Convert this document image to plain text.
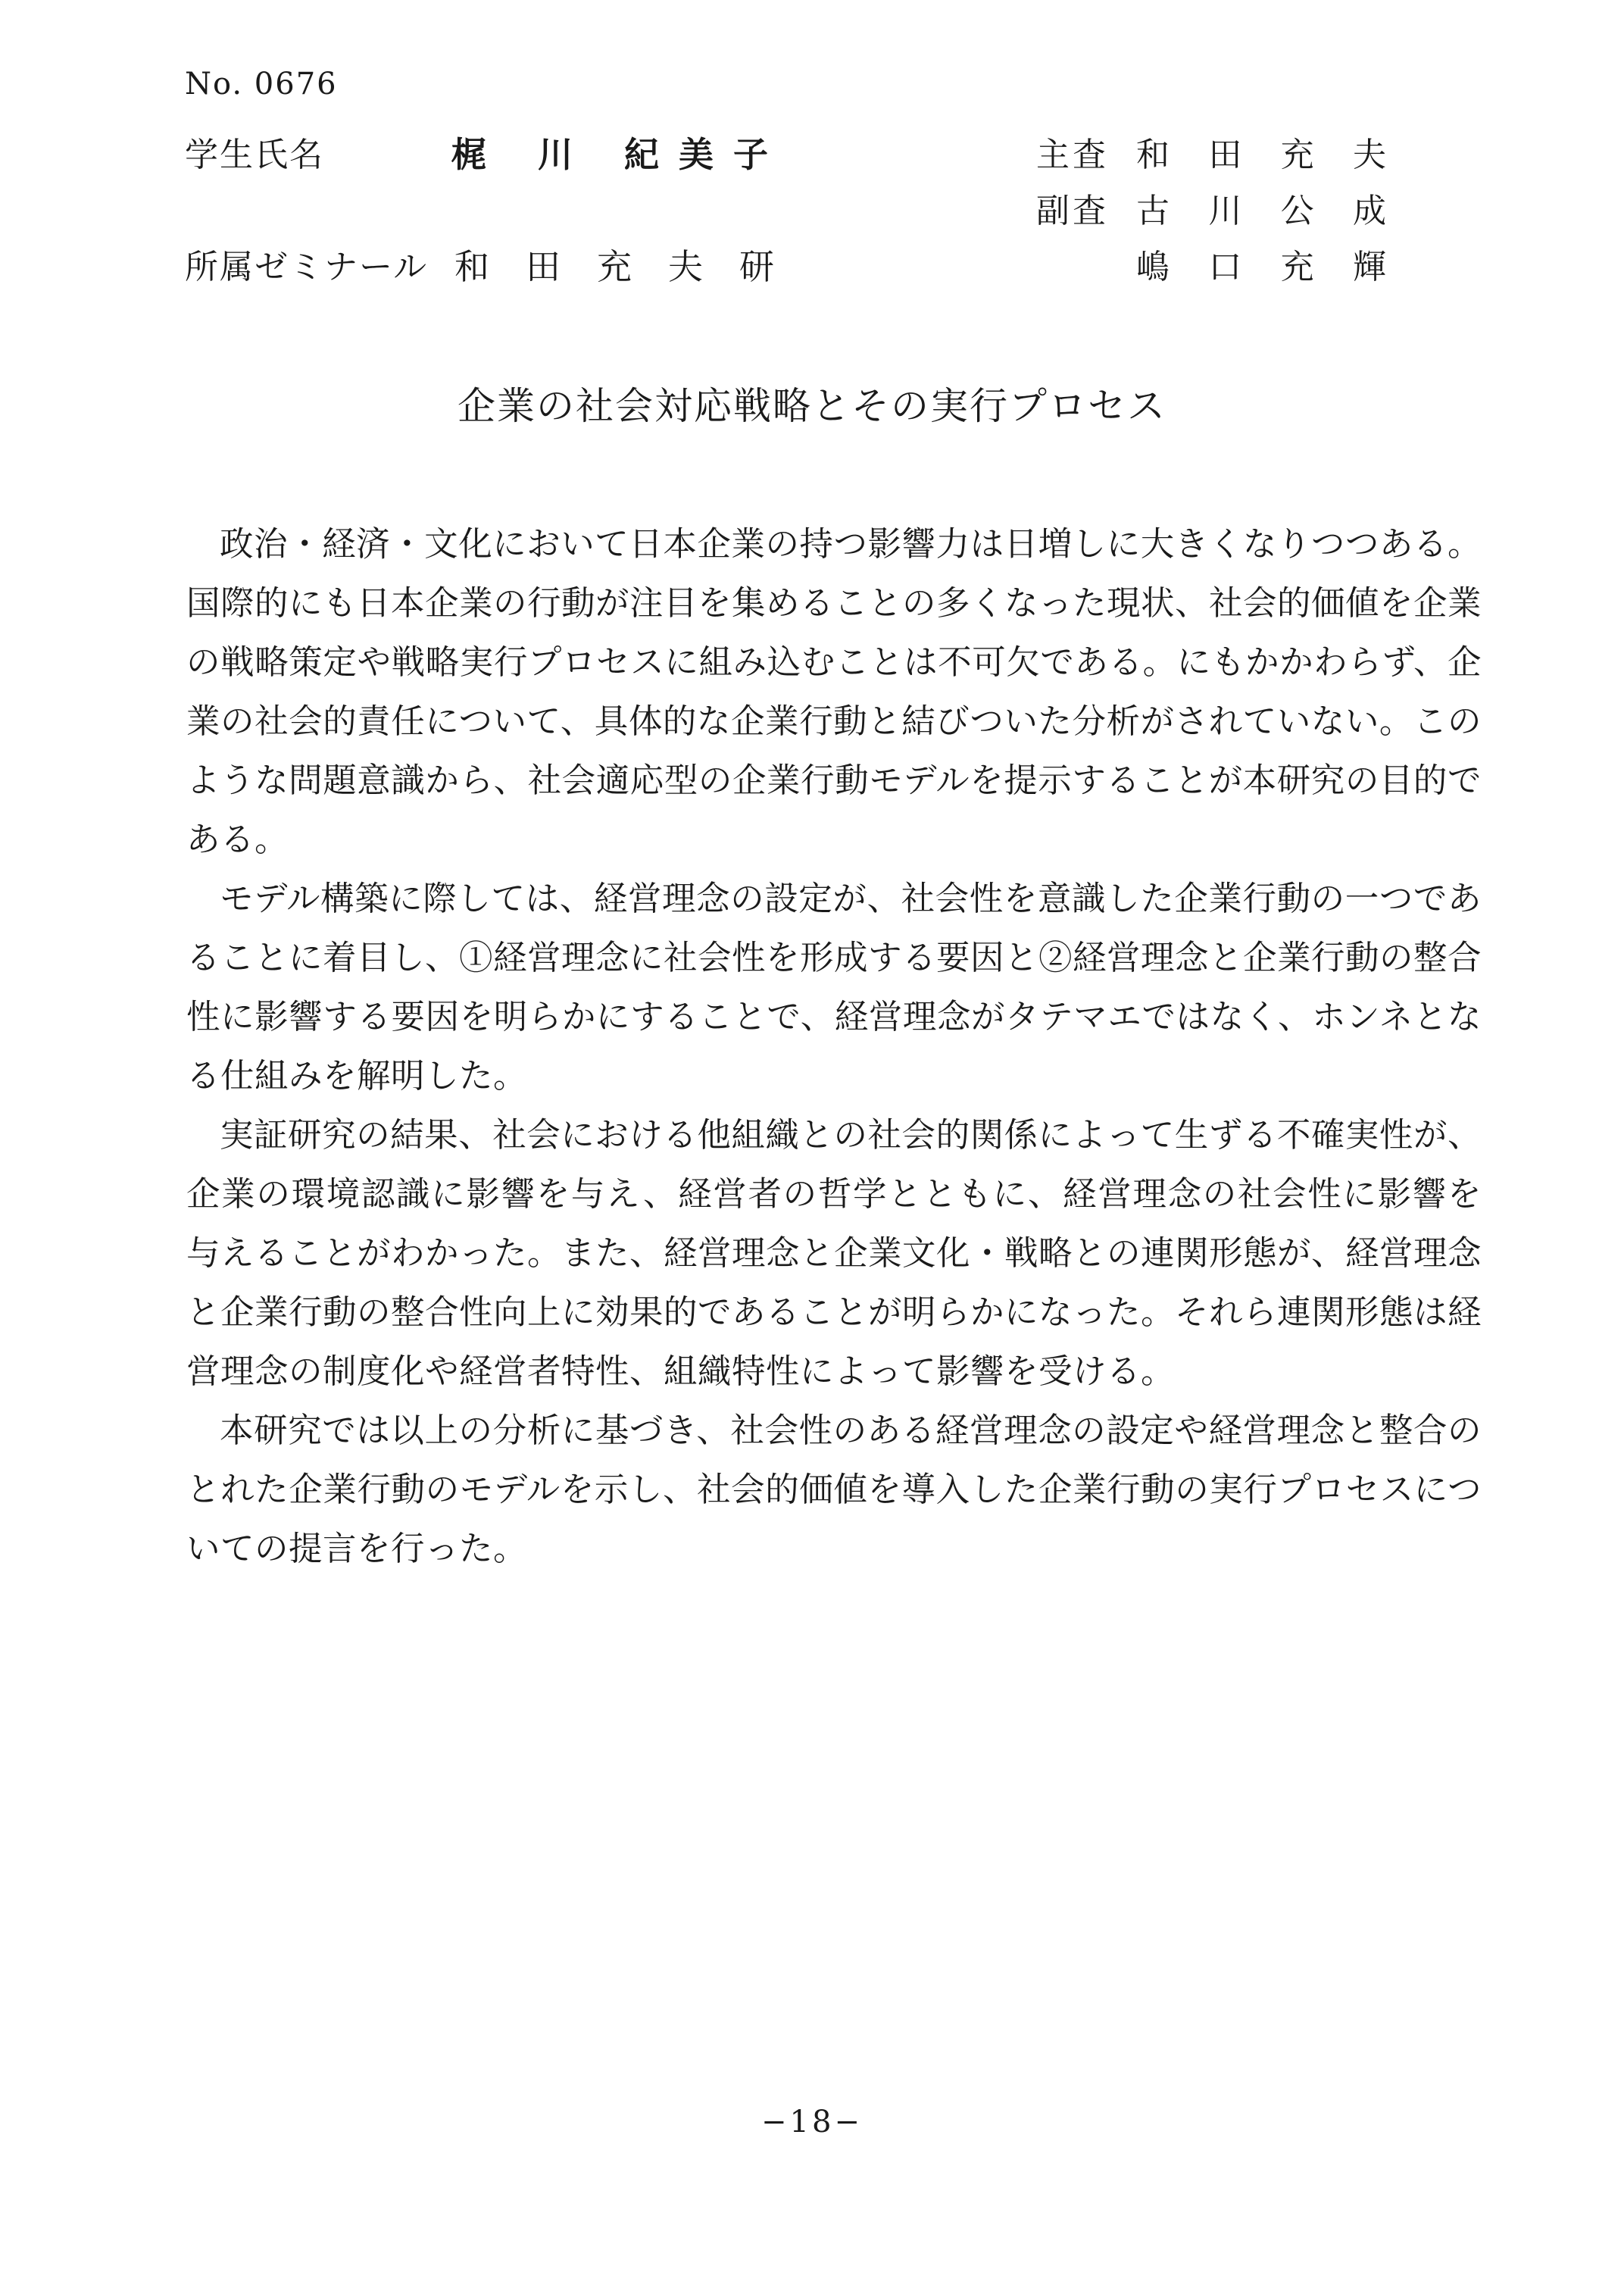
No. 0676
学生氏名	梶 川 紀美子
所属ゼミナール 和田充夫研
主査 和 田 充 夫
副査 古 川 公 成
嶋 口 充 輝
企業の社会対応戦略とその実行プロセス

政治・経済・文化において日本企業の持つ影響力は日増しに大きくなりつつある。国際的にも日本企業の行動が注目を集めることの多くなった現状、社会的価値を企業の戦略策定や戦略実行プロセスに組み込むことは不可欠である。にもかかわらず、企業の社会的責任について、具体的な企業行動と結びついた分析がされていない。このような問題意識から、社会適応型の企業行動モデルを提示することが本研究の目的である。

モデル構築に際しては、経営理念の設定が、社会性を意識した企業行動の一つであることに着目し、①経営理念に社会性を形成する要因と②経営理念と企業行動の整合性に影響する要因を明らかにすることで、経営理念がタテマエではなく、ホンネとなる仕組みを解明した。

実証研究の結果、社会における他組織との社会的関係によって生ずる不確実性が、企業の環境認識に影響を与え、経営者の哲学とともに、経営理念の社会性に影響を与えることがわかった。また、経営理念と企業文化・戦略との連関形態が、経営理念と企業行動の整合性向上に効果的であることが明らかになった。それら連関形態は経営理念の制度化や経営者特性、組織特性によって影響を受ける。

本研究では以上の分析に基づき、社会性のある経営理念の設定や経営理念と整合のとれた企業行動のモデルを示し、社会的価値を導入した企業行動の実行プロセスについての提言を行った。

−18−
